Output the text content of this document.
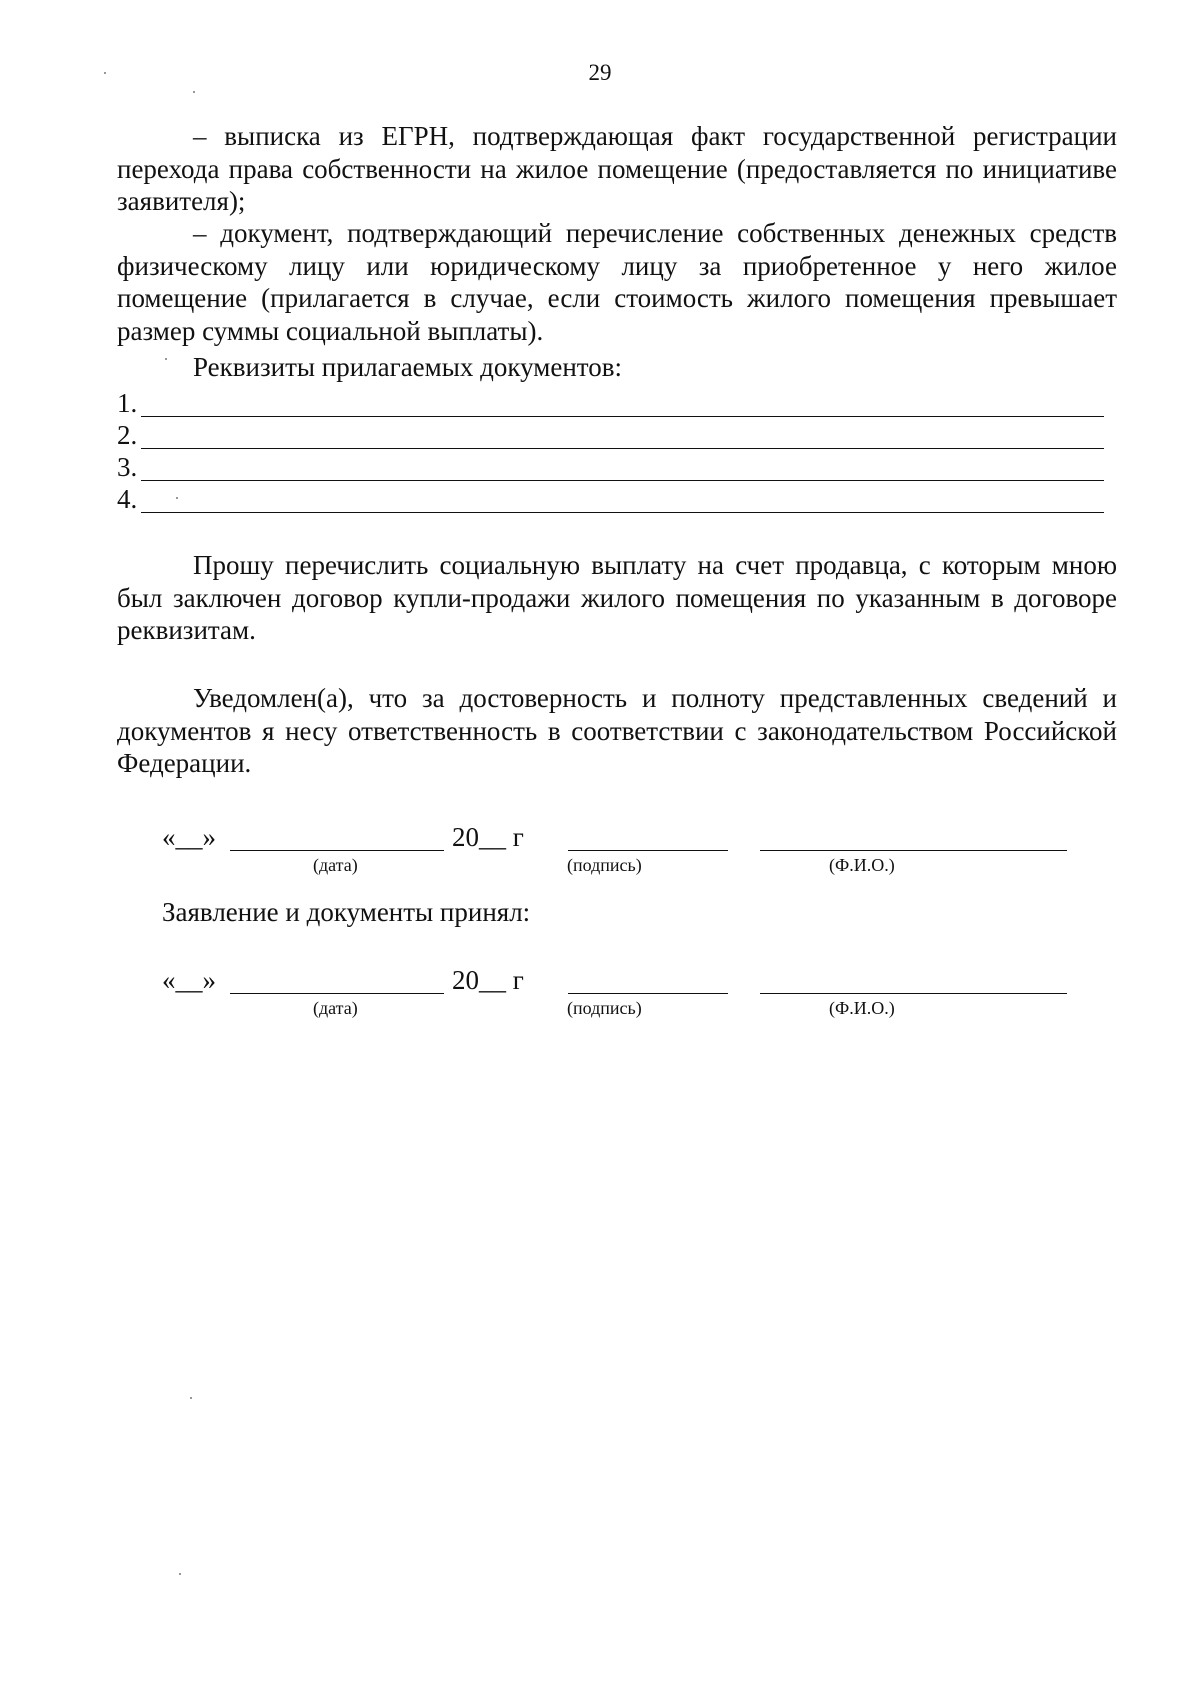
29
– выписка из ЕГРН, подтверждающая факт государственной регистрации перехода права собственности на жилое помещение (предоставляется по инициативе заявителя);
– документ, подтверждающий перечисление собственных денежных средств физическому лицу или юридическому лицу за приобретенное у него жилое помещение (прилагается в случае, если стоимость жилого помещения превышает размер суммы социальной выплаты).
Реквизиты прилагаемых документов:
1.
2.
3.
4.
Прошу перечислить социальную выплату на счет продавца, с которым мною был заключен договор купли-продажи жилого помещения по указанным в договоре реквизитам.
Уведомлен(а), что за достоверность и полноту представленных сведений и документов я несу ответственность в соответствии с законодательством Российской Федерации.
«__»	20__ г
(дата)	(подпись)	(Ф.И.О.)
Заявление и документы принял:
«__»	20__ г
(дата)	(подпись)	(Ф.И.О.)
